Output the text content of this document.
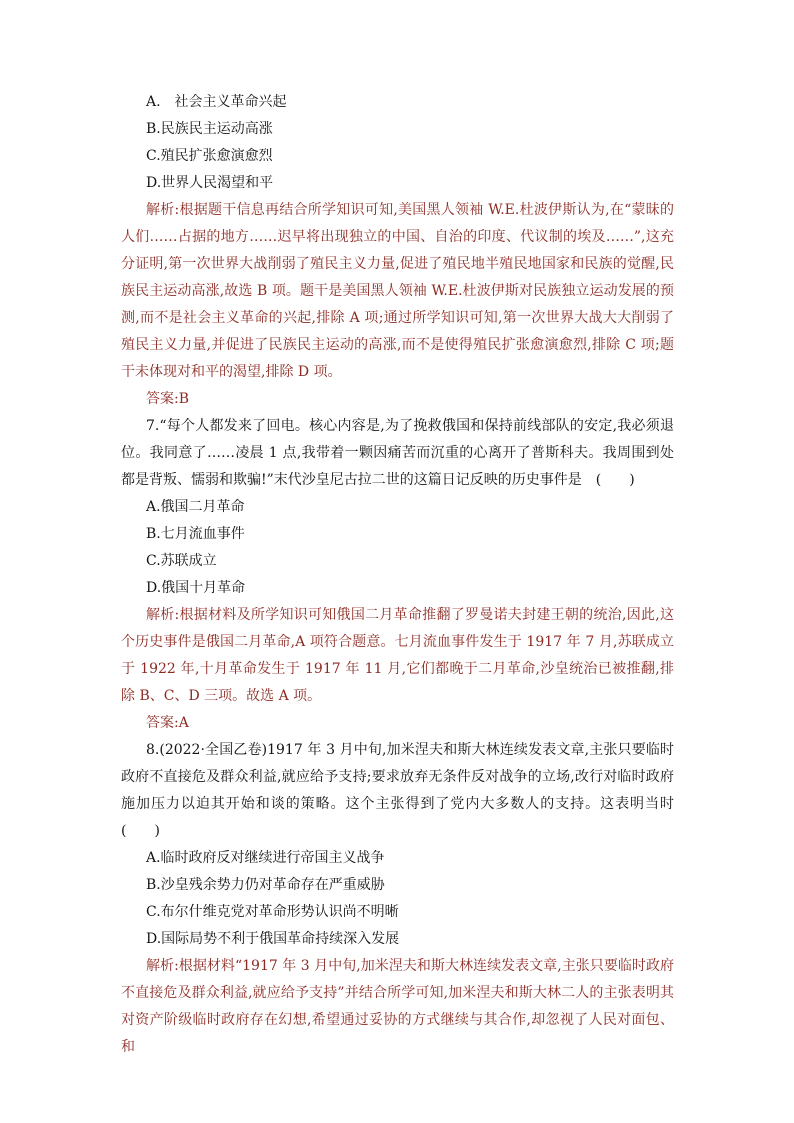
A.　社会主义革命兴起
B.民族民主运动高涨
C.殖民扩张愈演愈烈
D.世界人民渴望和平

解析:根据题干信息再结合所学知识可知,美国黑人领袖 W.E.杜波伊斯认为,在“蒙昧的人们……占据的地方……迟早将出现独立的中国、自治的印度、代议制的埃及……”,这充分证明,第一次世界大战削弱了殖民主义力量,促进了殖民地半殖民地国家和民族的觉醒,民族民主运动高涨,故选 B 项。题干是美国黑人领袖 W.E.杜波伊斯对民族独立运动发展的预测,而不是社会主义革命的兴起,排除 A 项;通过所学知识可知,第一次世界大战大大削弱了殖民主义力量,并促进了民族民主运动的高涨,而不是使得殖民扩张愈演愈烈,排除 C 项;题干未体现对和平的渴望,排除 D 项。

答案:B

7.“每个人都发来了回电。核心内容是,为了挽救俄国和保持前线部队的安定,我必须退位。我同意了……凌晨 1 点,我带着一颗因痛苦而沉重的心离开了普斯科夫。我周围到处都是背叛、懦弱和欺骗!”末代沙皇尼古拉二世的这篇日记反映的历史事件是　(　　)

A.俄国二月革命
B.七月流血事件
C.苏联成立
D.俄国十月革命

解析:根据材料及所学知识可知俄国二月革命推翻了罗曼诺夫封建王朝的统治,因此,这个历史事件是俄国二月革命,A 项符合题意。七月流血事件发生于 1917 年 7 月,苏联成立于 1922 年,十月革命发生于 1917 年 11 月,它们都晚于二月革命,沙皇统治已被推翻,排除 B、C、D 三项。故选 A 项。

答案:A

8.(2022·全国乙卷)1917 年 3 月中旬,加米涅夫和斯大林连续发表文章,主张只要临时政府不直接危及群众利益,就应给予支持;要求放弃无条件反对战争的立场,改行对临时政府施加压力以迫其开始和谈的策略。这个主张得到了党内大多数人的支持。这表明当时(　　)

A.临时政府反对继续进行帝国主义战争
B.沙皇残余势力仍对革命存在严重威胁
C.布尔什维克党对革命形势认识尚不明晰
D.国际局势不利于俄国革命持续深入发展

解析:根据材料“1917 年 3 月中旬,加米涅夫和斯大林连续发表文章,主张只要临时政府不直接危及群众利益,就应给予支持”并结合所学可知,加米涅夫和斯大林二人的主张表明其对资产阶级临时政府存在幻想,希望通过妥协的方式继续与其合作,却忽视了人民对面包、和
